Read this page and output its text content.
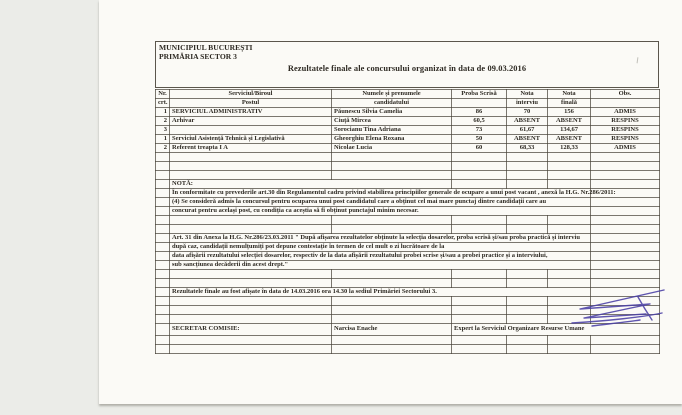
MUNICIPIUL BUCUREȘTI
PRIMĂRIA SECTOR 3
Rezultatele finale ale concursului organizat în data de 09.03.2016
Nr.	Serviciul/Biroul	Numele și prenumele	Proba Scrisă	Nota	Nota	Obs.
crt.	Postul	candidatului		interviu	finală	
1	SERVICIUL ADMINISTRATIV	Păunescu Silvia Camelia	86	70	156	ADMIS
2	Arhivar	Ciuță Mircea	60,5	ABSENT	ABSENT	RESPINS
3		Sorocianu Tina Adriana	73	61,67	134,67	RESPINS
1	Serviciul Asistență Tehnică și Legislativă	Gheorghiu Elena Roxana	50	ABSENT	ABSENT	RESPINS
2	Referent treapta I A	Nicolae Lucia	60	68,33	128,33	ADMIS

	NOTĂ:					
	În conformitate cu prevederile art.30 din Regulamentul cadru privind stabilirea principiilor generale de ocupare a unui post vacant , anexă la H.G. Nr.286/2011:					
	(4) Se consideră admis la concursul pentru ocuparea unui post candidatul care a obținut cel mai mare punctaj dintre candidații care au					
	concurat pentru același post, cu condiția ca aceștia să fi obținut punctajul minim necesar.					

	Art. 31 din Anexa la H.G. Nr.286/23.03.2011 " După afișarea rezultatelor obținute la selecția dosarelor, proba scrisă și/sau proba practică și interviu					
	după caz, candidații nemulțumiți pot depune contestație în termen de cel mult o zi lucrătoare de la					
	data afișării rezultatului selecției dosarelor, respectiv de la data afișării rezultatului probei scrise și/sau a probei practice și a interviului,					
	sub sancțiunea decăderii din acest drept."					

	Rezultatele finale au fost afișate în data de 14.03.2016 ora 14.30 la sediul Primăriei Sectorului 3.					

	SECRETAR COMISIE:	Narcisa Enache	Expert la Serviciul Organizare Resurse Umane			
